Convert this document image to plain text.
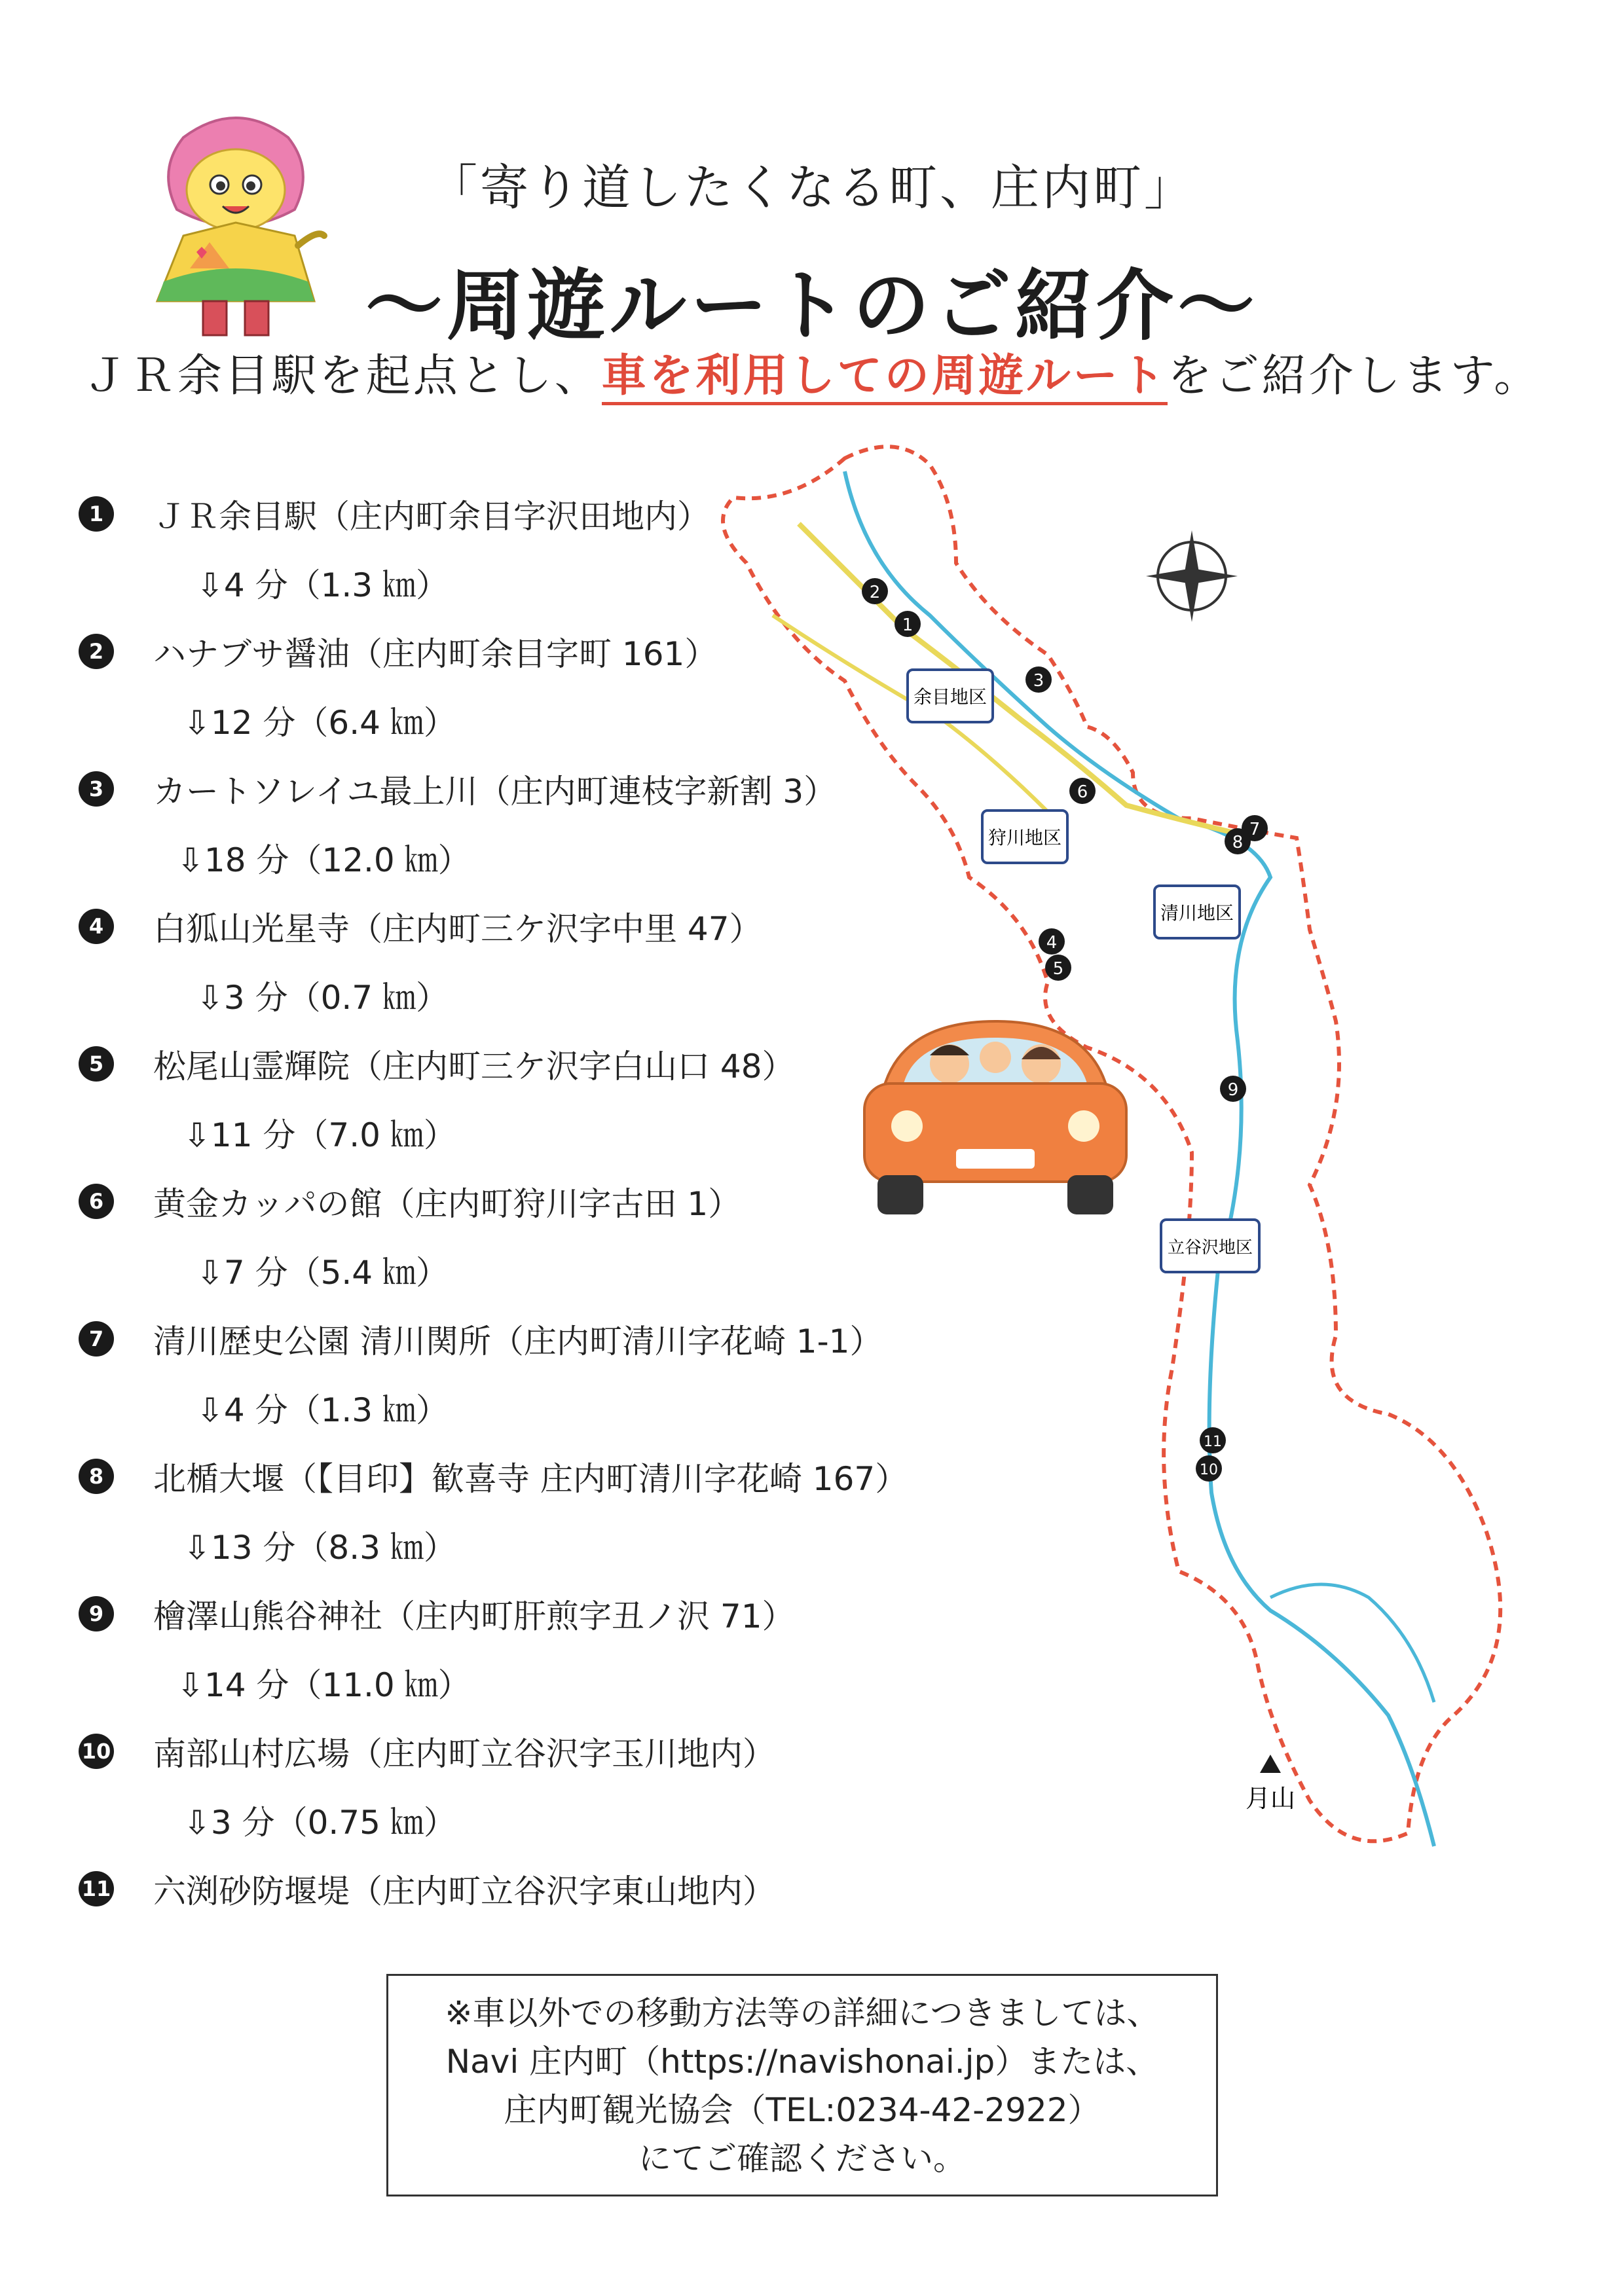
「寄り道したくなる町、庄内町」
～周遊ルートのご紹介～
ＪＲ余目駅を起点とし、車を利用しての周遊ルートをご紹介します。
1	ＪＲ余目駅（庄内町余目字沢田地内）
⇩4 分（1.3 ㎞）
2	ハナブサ醤油（庄内町余目字町 161）
⇩12 分（6.4 ㎞）
3	カートソレイユ最上川（庄内町連枝字新割 3）
⇩18 分（12.0 ㎞）
4	白狐山光星寺（庄内町三ケ沢字中里 47）
⇩3 分（0.7 ㎞）
5	松尾山霊輝院（庄内町三ケ沢字白山口 48）
⇩11 分（7.0 ㎞）
6	黄金カッパの館（庄内町狩川字古田 1）
⇩7 分（5.4 ㎞）
7	清川歴史公園 清川関所（庄内町清川字花崎 1-1）
⇩4 分（1.3 ㎞）
8	北楯大堰（【目印】歓喜寺 庄内町清川字花崎 167）
⇩13 分（8.3 ㎞）
9	檜澤山熊谷神社（庄内町肝煎字丑ノ沢 71）
⇩14 分（11.0 ㎞）
10 南部山村広場（庄内町立谷沢字玉川地内）
⇩3 分（0.75 ㎞）
11 六渕砂防堰堤（庄内町立谷沢字東山地内）
余目地区
狩川地区
清川地区
立谷沢地区
1
2
3
4
5
6
7
8
9
10
11
月山
※車以外での移動方法等の詳細につきましては、
Navi 庄内町（https://navishonai.jp）または、
庄内町観光協会（TEL:0234-42-2922）
にてご確認ください。
